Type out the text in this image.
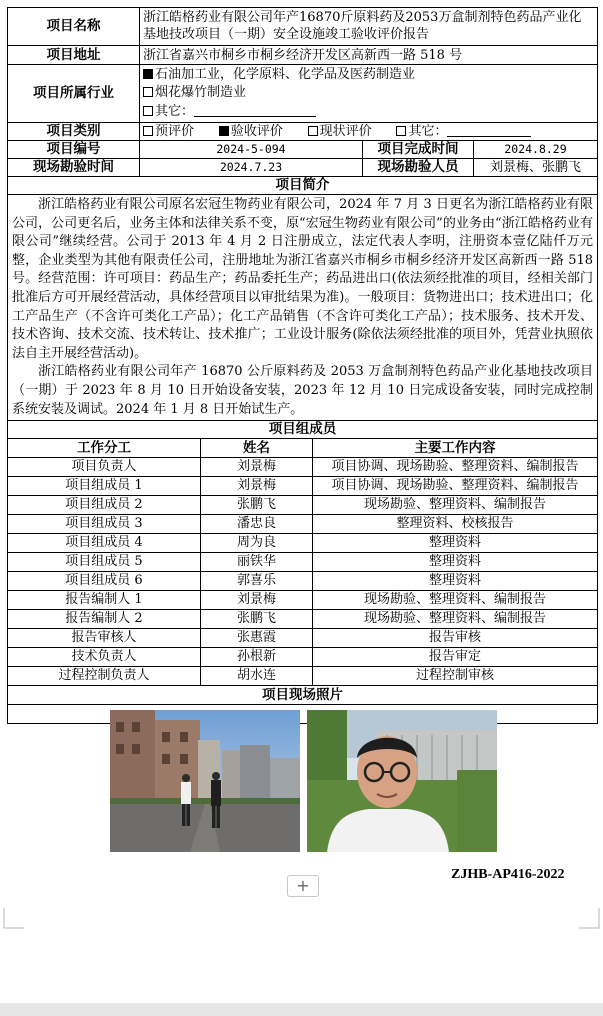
项目名称	浙江皓格药业有限公司年产16870斤原料药及2053万盒制剂特色药品产业化基地技改项目（一期）安全设施竣工验收评价报告		
项目地址	浙江省嘉兴市桐乡市桐乡经济开发区高新西一路 518 号		
项目所属行业	石油加工业，化学原料、化学品及医药制造业
烟花爆竹制造业
其它：		

项目类别	预评价 验收评价 现状评价 其它：		
项目编号	2024-5-094	项目完成时间	2024.8.29
现场勘验时间	2024.7.23	现场勘验人员	刘景梅、张鹏飞
项目简介			

浙江皓格药业有限公司原名宏冠生物药业有限公司，2024 年 7 月 3 日更名为浙江皓格药业有限公司，公司更名后，业务主体和法律关系不变，原“宏冠生物药业有限公司”的业务由“浙江皓格药业有限公司”继续经营。公司于 2013 年 4 月 2 日注册成立，法定代表人李明，注册资本壹亿陆仟万元整，企业类型为其他有限责任公司，注册地址为浙江省嘉兴市桐乡市桐乡经济开发区高新西一路 518 号。经营范围：许可项目：药品生产；药品委托生产；药品进出口(依法须经批准的项目，经相关部门批准后方可开展经营活动，具体经营项目以审批结果为准)。一般项目：货物进出口；技术进出口；化工产品生产（不含许可类化工产品）；化工产品销售（不含许可类化工产品）；技术服务、技术开发、技术咨询、技术交流、技术转让、技术推广；工业设计服务(除依法须经批准的项目外，凭营业执照依法自主开展经营活动)。

浙江皓格药业有限公司年产 16870 公斤原料药及 2053 万盒制剂特色药品产业化基地技改项目（一期）于 2023 年 8 月 10 日开始设备安装，2023 年 12 月 10 日完成设备安装，同时完成控制系统安装及调试。2024 年 1 月 8 日开始试生产。			

项目组成员			
工作分工	姓名	主要工作内容
项目负责人	刘景梅	项目协调、现场勘验、整理资料、编制报告
项目组成员 1	刘景梅	项目协调、现场勘验、整理资料、编制报告
项目组成员 2	张鹏飞	现场勘验、整理资料、编制报告
项目组成员 3	潘忠良	整理资料、校核报告
项目组成员 4	周为良	整理资料
项目组成员 5	丽铁华	整理资料
项目组成员 6	郭喜乐	整理资料
报告编制人 1	刘景梅	现场勘验、整理资料、编制报告
报告编制人 2	张鹏飞	现场勘验、整理资料、编制报告
报告审核人	张惠霞	报告审核
技术负责人	孙根新	报告审定
过程控制负责人	胡水连	过程控制审核
项目现场照片		

ZJHB-AP416-2022
+
